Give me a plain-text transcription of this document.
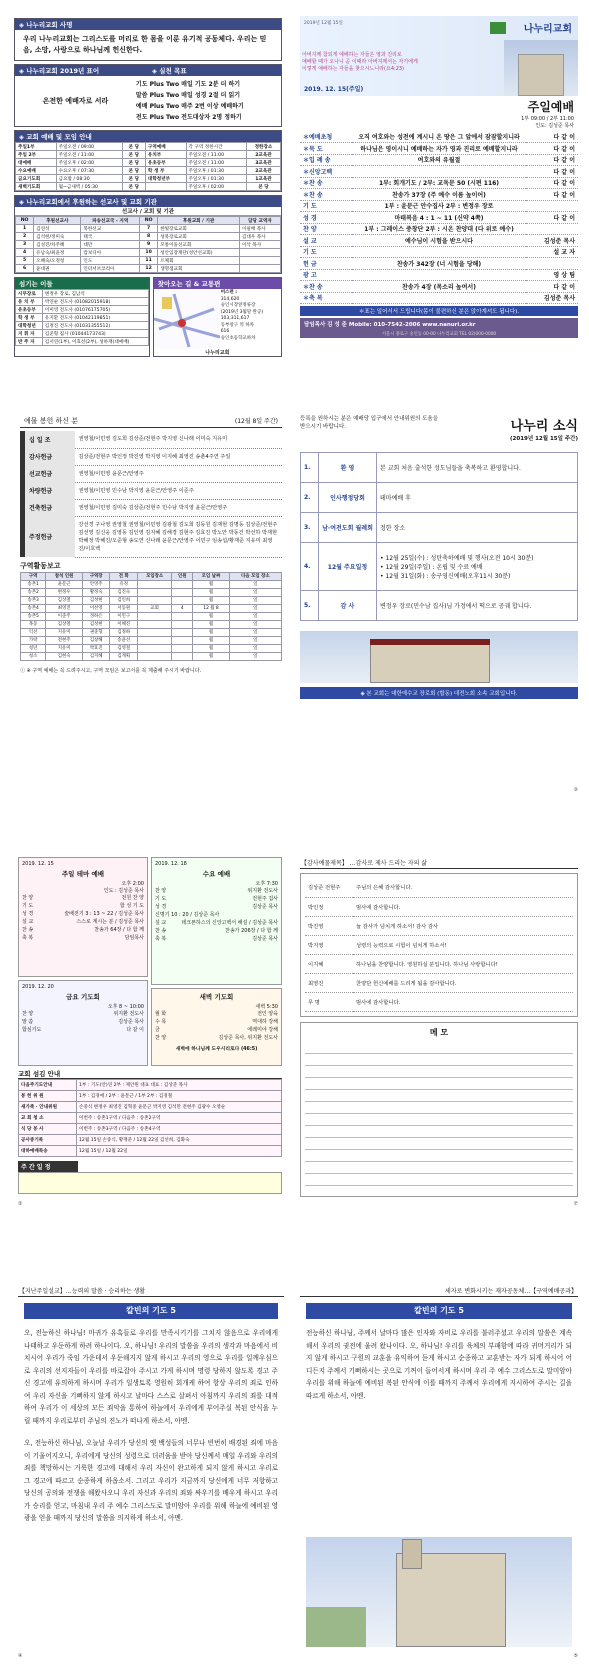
◈ 나누리교회 사명
우리 나누리교회는 그리스도를 머리로 한 몸을 이룬 유기적 공동체다. 우리는 믿음, 소망, 사랑으로 하나님께 헌신한다.
◈ 나누리교회 2019년 표어	◈ 실천 목표
온전한 예배자로 서라
기도 Plus Two 매일 기도 2분 더 하기
말씀 Plus Two 매일 성경 2절 더 읽기
예배 Plus Two 매주 2번 이상 예배하기
전도 Plus Two 전도대상자 2명 정하기
◈ 교회 예배 및 모임 안내
주일1부	주일오전 / 09:00	본 당	구역예배	각 구역 정한시간	정한장소
주일 2부	주일오전 / 11:00	본 당	유치부	주일오전 / 11:00	2교육관
대예배	주일오후 / 02:00	본 당	유초등부	주일오전 / 11:00	3교육관
수요예배	수요오후 / 07:30	본 당	학 생 부	주일오후 / 01:30	2교육관
금요기도회	금요밤 / 08:30	본 당	대학청년부	주일오후 / 01:30	1교육관
새벽기도회	월~금새벽 / 05:30	본 당		주일오후 / 02:00	본 당
◈ 나누리교회에서 후원하는 선교사 및 교회 기관
선교사 / 교회 및 기관
NO	후원선교사	파송선교국 - 지역	NO	후원교회 / 기관	담당 교역자
1	김연석	북한선교	7	한빛장로교회	이필배 목사
2	김석현/정미숙	태국	8	성북장로교회	김대우 목사
3	김성진/차주혜	대만	9	모퉁이돌선교회	이삭 목사
4	유남숙/최윤정	캄보디아	10	성안임장재단(성안선교회)	
5	오혜숙/오정청	인도	11	르체회	
6	윤대권	인터서브코리아	12	생명샘교회	
섬기는 이들
시무장로	변정우 장로, 김남석
유 치 부	박연순 전도사 (01082015918)
유초등부	이미영 전도사 (01076175705)
학 생 부	유지환 전도사 (01042119851)
대학청년	김정진 전도사 (01031355512)
지 휘 자	김준형 집사 (01044173743)
반 주 자	김서연(1부), 이효선(2부), 성하재(대예배)
찾아오는 길 & 교통편
버스편 :
314,620
숭인시장앞정류장
(2019년 3월말 완공)
103,311,617
동부창구 역 하차
616
숭인초등학교하차
나누리교회
나누리교회
2019년 12월 15일
아버지께 참되게 예배하는 자들은 영과 진리로
예배할 때가 오나니 곧 이때라 아버지께서는 자기에게
이렇게 예배하는 자들을 찾으시느니라(요4:23)
2019. 12. 15(주일)
주일예배
1부 09:00 / 2부 11:00
인도: 김성준 목사
＊예배초청	오직 여호와는 성전에 계시니 온 땅은 그 앞에서 잠잠할지니라	다 같 이
＊묵 도	하나님은 영이시니 예배하는 자가 영과 진리로 예배할지니라	다 같 이
＊입 례 송	여호와의 유월절	다 같 이
＊신앙고백		다 같 이
＊찬 송	1부: 회개기도 / 2부: 교독문 50 (시편 116)	다 같 이
＊찬 송	찬송가 37장 (주 예수 이름 높이어)	다 같 이
기 도	1부 : 윤문근 안수집사 2부 : 변정우 장로	
성 경	마태복음 4 : 1 ~ 11 (신약 4쪽)	다 같 이
찬 양	1부 : 그레이스 중창단 2부 : 시온 찬양대 (다 위로 예수)	
설 교	예수님이 시험을 받으시다	김성준 목사
기 도		설 교 자
헌 금	찬송가 342장 (너 시험을 당해)	
광 고		영 상 팀
＊찬 송	찬송가 4장 (목소리 높여서)	다 같 이
＊축 복		김성준 목사
＊표는 일어서서 드립니다(몸이 불편하신 분은 앉아계셔도 됩니다).
담임목사 김 성 준 Mobile: 010-7542-2006 www.nanuri.or.kr
서울시 종로구 숭인동 00-00 나누리교회 TEL 02)000-0000
예물 봉헌 하신 분	(12월 8일 주간)
십 일 조	권영철/이민영 김도희 김상준/전현주 박지영 신나래 이미숙 지유미
감사헌금	김상준/전현주 박인정 박진영 박지영 이지혜 최영진 송춘4주연 주일
선교헌금	권영철/이민영 윤문근/안영주
차량헌금	권영철/이민영 민수남 박지영 윤문근/안영주 이준주
건축헌금	권영철/이민영 김미숙 김상준/전현주 민수남 박지영 윤문근/안영주
주정헌금	강선경 구나영 권영철 권영철/이민영 김광철 김도희 김동원 김재현 김명동 김상준/전현주 김선영 김신웅 김영동 김인영 김지혜 김해경 김현주 김효진 박노안 박동건 박선하 박재현 박혜정 박혜진/오준형 송도연 신나래 윤문근/안영주 이민구 임송섭/황재준 지유미 최영진/이호백
구역활동보고
구역	참석 인원	구역장	전 화	모임장소	인원	모임 날짜	다음 모임 장소
송촌1	윤문근	안영주	유정			월	일
송촌2	변정우	황정숙	김진숙			월	일
송촌3	김상철	김성현	김인희			월	일
송촌4	최영진	이선영	서동원	교회	4	12 월 8	일
송촌5	이준주	정하은	이민구			월	일
목동	김상철	김성현	이해진			월	일
익선	지유미	권준형	김정하			월	일
가락	전현주	김창해	송윤선			월	일
청년	지유미	박효진	김영철			월	일
청소	김현숙	김지혜	김계획			월	일
ⓘ ※ 구역 예배는 꼭 드려주시고, 구역 모임은 보고서를 꼭 제출해 주시기 바랍니다.
등록을 원하시는 분은 예배당 입구에서 안내위원의 도움을 받으시기 바랍니다.	나누리 소식
(2019년 12월 15일 주간)
1.	환 영	본 교회 처음 출석한 성도님들을 축복하고 환영합니다.
2.	인사행정당회	테마예배 후
3.	남·여전도회 월례회	정한 장소
4.	12월 주요일정	• 12월 25일(수) : 성탄축하예배 및 행사(오전 10시 30분)
• 12월 29일(주일) : 온립 및 수료 예배
• 12월 31일(화) : 송구영신예배(오후11시 30분)
5.	감 사	변정우 장로(민수남 집사)님 가정에서 떡으로 공궤 합니다.
◈ 본 교회는 대한예수교 장로회 (합동) 대전노회 소속 교회입니다.
③
2019. 12. 15
주일 테마 예배
오후 2:00
인도 : 김성준 목사
찬 양	전원 찬 양
기 도	함 성 기 도
성 경	술배전기 3 : 13 ~ 22 / 김성준 목사
설 교	스스로 계시는 분 / 김성준 목사
찬 송	찬송가 64장 / 다 함 께
축 복	담임목사
2019. 12. 18
수요 예배
오후 7:30
찬 양	위지환 전도사
기 도	전현주 집사
성 경	김상준 목사
신명기 10 : 20 / 김상준 목사
설 교	테크폰하스의 신앙고백서 해설 / 김상준 목사
찬 송	찬송가 206장 / 다 함 께
축 복	김상준 목사
2019. 12. 20
금요 기도회
오후 8 ~ 10:00
찬 양	위지환 전도사
말 씀	김상준 목사
합심기도	다 같 이
새벽 기도회
새벽 5:30
월 화	전인 양육
수 목	역대하 강해
금	에레미야 강해
찬 양	김상준 목사, 위지환 전도사
새벽에 하나님께 도우시리로다 (46:5)
교회 섬김 안내
다음주기도안내	1부 : 기도(안)연 2부 : 제안원 대표 대표 : 김상준 목사
봉 헌 위 원	1부 : 김경애 / 2부 : 윤문근 / 1부 2부 : 김경철
새가족 · 안내위원	손중식 변정우 최영진 김혁중 윤문근 박지영 김석만 전현주 김광수 오영순
교 회 청 소	이번주 : 송촌1구역 / 다음주 : 송촌2구역
식 당 봉 사	이번주 : 송촌3구역 / 다음주 : 송촌4구역
공사중기록	12월 15일 손중식, 황재준 / 12월 22일 김선희, 김화숙
대하예배특송	12월 15일 / 12월 22일
주 간 일 정
②
【감사예물제목】 …감사로 제사 드리는 자의 삶
김상준 전현주	주님의 은혜 감사합니다.
박인정	범사에 감사합니다.
박진영	늘 감사가 넘치게 하소서! 감사 감사
박지영	성령의 능력으로 시험이 넘치게 하소서!
이지혜	하나님을 찬양합니다. 영원하실 분입니다. 하나님 사랑합니다!
최영진	찬양단 헌신예배를 드리게 됨을 감사합니다.
무 명	범사에 감사합니다.
메 모
⑦
【지난주일설교】…능력의 말씀 · 승리하는 생활
칼빈의 기도 5
오, 전능하신 하나님! 마귀가 유혹들로 우리를 만족시키기를 그치지 않음으로 우리에게 나태하고 우둔하게 하려 하나이다. 오, 하나님! 우리의 말씀을 우리의 생각과 마음에서 비치시어 우리가 죽임 가운데서 우둔해지지 않게 하시고 우리의 영으로 우리를 일깨우심으로 우리의 선지자들이 우리를 바로잡아 주시고 가게 하시며 명령 당하지 않도록 경고 주신 경고에 유의하게 하시며 우리가 일생토록 영원히 회개케 하여 항상 우리의 죄로 인하여 우리 자신을 기뻐하지 않게 하시고 날마다 스스로 살펴서 아침까지 우리의 죄를 대적하여 우리가 이 세상의 모든 죄악을 통하여 하늘에서 우리에게 부어주실 복된 안식을 누릴 때까지 우리로부터 주님의 진노가 떠나게 하소서, 아멘.
오, 전능하신 하나님, 오늘날 우리가 당신의 옛 백성들의 너무나 빈번히 배경된 죄에 마음이 기울어지오니, 우리에게 당신의 성령으로 더러움을 받아 당신께서 매일 우리와 우리의 죄를 책망하시는 거룩한 경고에 대해서 우리 자신이 완고하게 되지 않게 하시고 우리로 그 경고에 따르고 순종하게 하옵소서. 그리고 우리가 지금까지 당신에게 너무 저항하고 당신의 공의와 전쟁을 해왔사오니 우리 자신과 우리의 죄와 싸우기를 배우게 하시고 우리가 승리를 얻고, 마침내 우리 주 예수 그리스도로 말미암아 우리를 위해 하늘에 예비된 영광을 얻을 때까지 당신의 말씀을 의지하게 하소서, 아멘.
④
세자로 변화시키는 재자공동체…【구역예배공과】
칼빈의 기도 5
전능하신 하나님, 주께서 날마다 많은 인자와 자비로 우리를 불러주셨고 우리의 말씀은 계속해서 우리의 귓전에 울려 왔나이다. 오, 하나님! 우리를 육체의 부패함에 따라 귀머거리가 되지 않게 하시고 구원의 교훈을 유익하여 듣게 하시고 순종하고 교훈받는 자가 되게 하시어 어디든지 주께서 기뻐하시는 곳으로 기꺼이 들어서게 하시며 우리 주 예수 그리스도로 말미암아 우리를 위해 하늘에 예비된 복된 안식에 이를 때까지 주께서 우리에게 지시하여 주시는 길을 따르게 하소서, 아멘.
⑤
